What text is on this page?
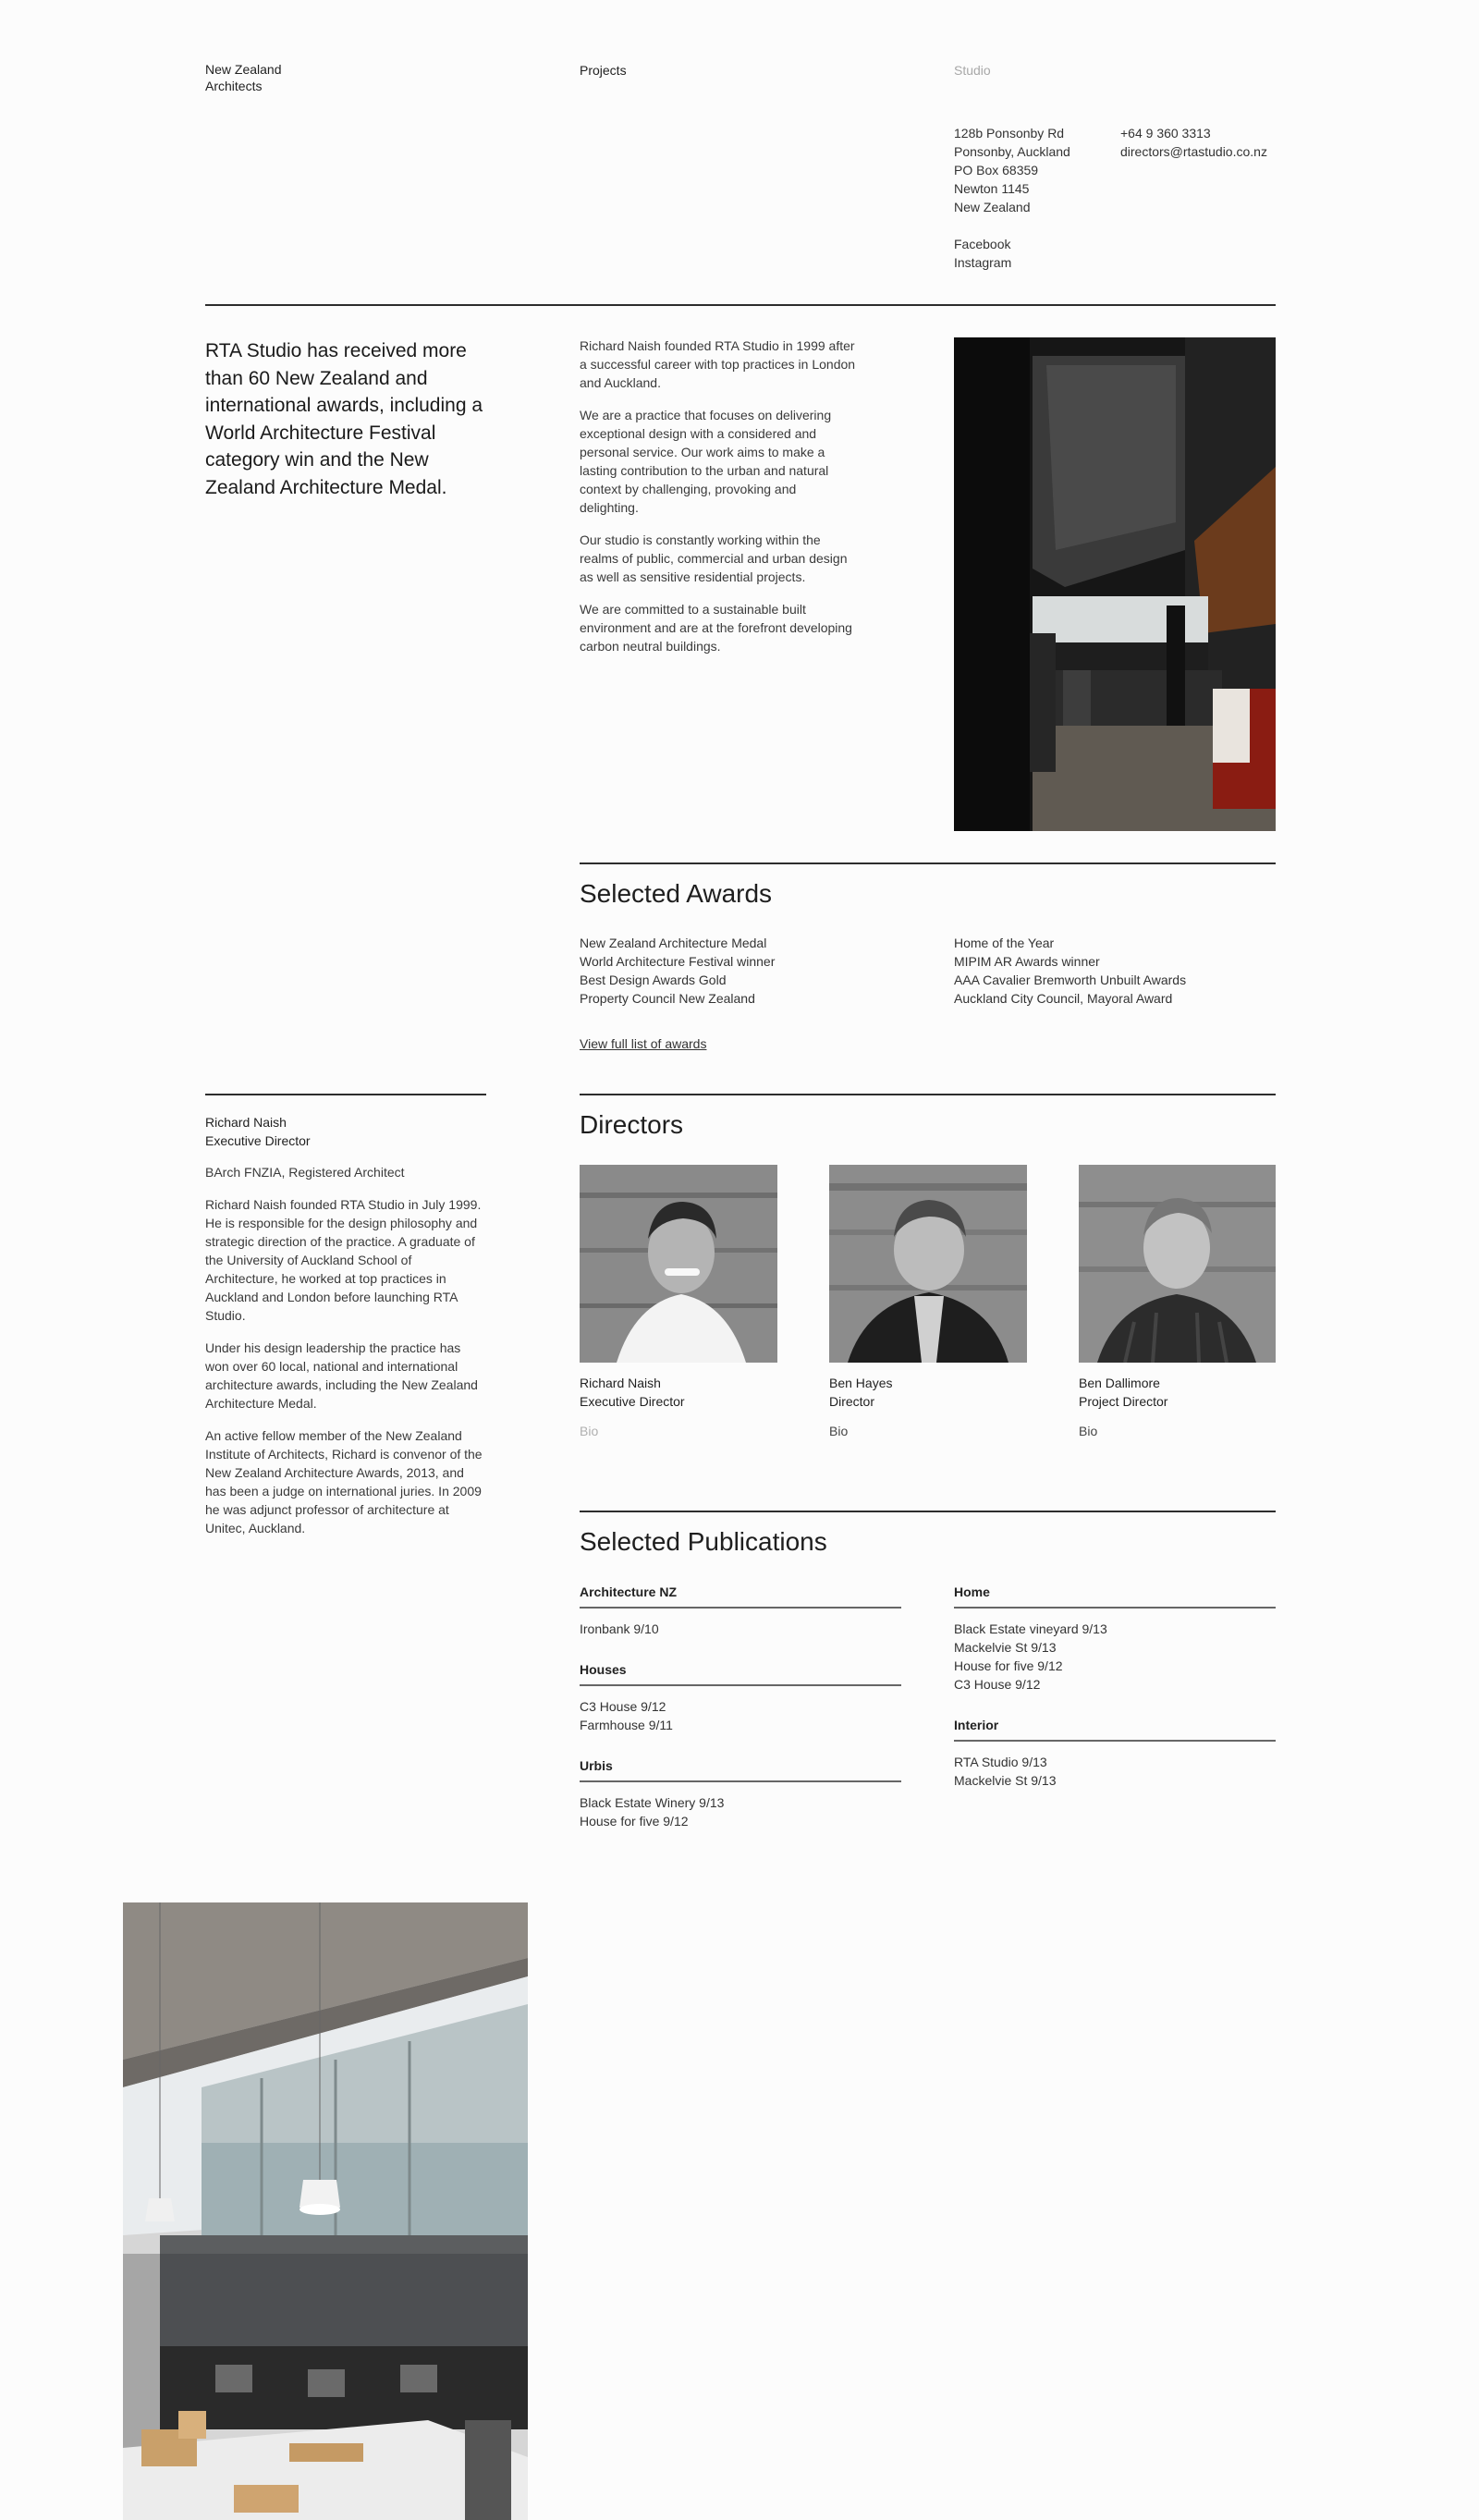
New Zealand
Architects
Projects	Studio
128b Ponsonby Rd
Ponsonby, Auckland
PO Box 68359
Newton 1145
New Zealand
Facebook
Instagram
+64 9 360 3313
directors@rtastudio.co.nz
RTA Studio has received more than 60 New Zealand and international awards, including a World Architecture Festival category win and the New Zealand Architecture Medal.

Richard Naish founded RTA Studio in 1999 after a successful career with top practices in London and Auckland.

We are a practice that focuses on delivering exceptional design with a considered and personal service. Our work aims to make a lasting contribution to the urban and natural context by challenging, provoking and delighting.

Our studio is constantly working within the realms of public, commercial and urban design as well as sensitive residential projects.

We are committed to a sustainable built environment and are at the forefront developing carbon neutral buildings.

Selected Awards
New Zealand Architecture Medal
World Architecture Festival winner
Best Design Awards Gold
Property Council New Zealand
Home of the Year
MIPIM AR Awards winner
AAA Cavalier Bremworth Unbuilt Awards
Auckland City Council, Mayoral Award
View full list of awards
Richard Naish
Executive Director

BArch FNZIA, Registered Architect

Richard Naish founded RTA Studio in July 1999. He is responsible for the design philosophy and strategic direction of the practice. A graduate of the University of Auckland School of Architecture, he worked at top practices in Auckland and London before launching RTA Studio.

Under his design leadership the practice has won over 60 local, national and international architecture awards, including the New Zealand Architecture Medal.

An active fellow member of the New Zealand Institute of Architects, Richard is convenor of the New Zealand Architecture Awards, 2013, and has been a judge on international juries. In 2009 he was adjunct professor of architecture at Unitec, Auckland.

Directors
Richard Naish
Executive Director
Bio
Ben Hayes
Director
Bio
Ben Dallimore
Project Director
Bio
Selected Publications
Architecture NZ
Ironbank 9/10
Houses
C3 House 9/12
Farmhouse 9/11
Urbis
Black Estate Winery 9/13
House for five 9/12
Home
Black Estate vineyard 9/13
Mackelvie St 9/13
House for five 9/12
C3 House 9/12
Interior
RTA Studio 9/13
Mackelvie St 9/13
